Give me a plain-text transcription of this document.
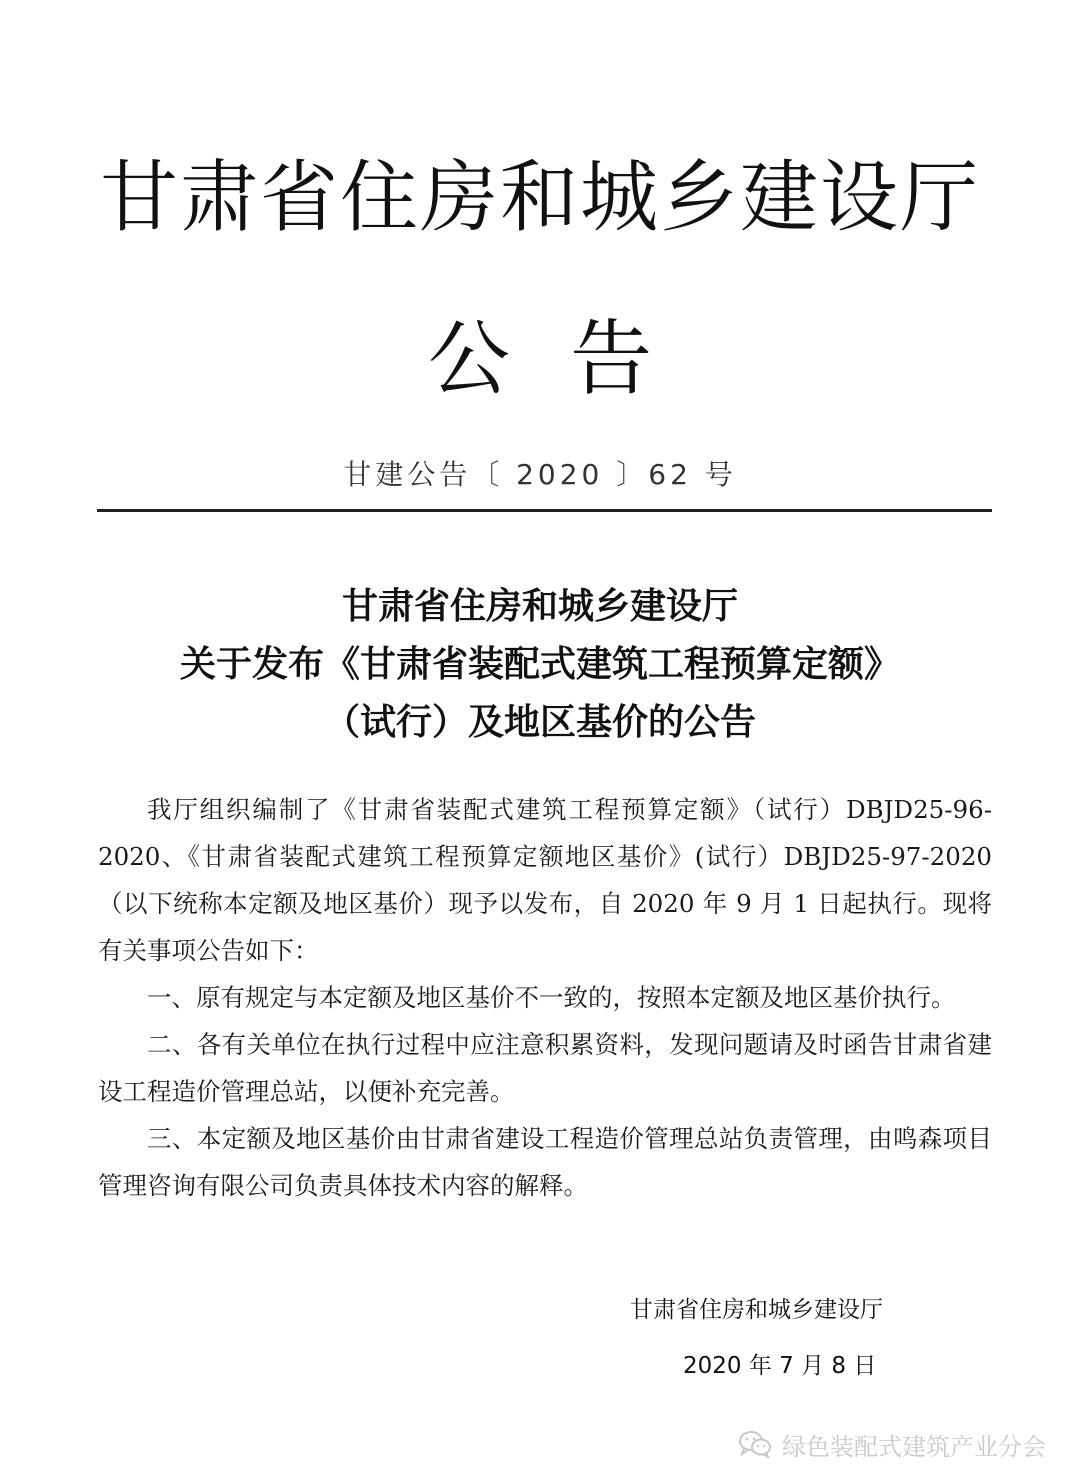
甘肃省住房和城乡建设厅
公告
甘建公告〔 2020 〕62 号
甘肃省住房和城乡建设厅
关于发布《甘肃省装配式建筑工程预算定额》
（试行）及地区基价的公告

我厅组织编制了《甘肃省装配式建筑工程预算定额》（试行）DBJD25-96-2020、《甘肃省装配式建筑工程预算定额地区基价》(试行）DBJD25-97-2020（以下统称本定额及地区基价）现予以发布，自 2020 年 9 月 1 日起执行。现将有关事项公告如下：

一、原有规定与本定额及地区基价不一致的，按照本定额及地区基价执行。

二、各有关单位在执行过程中应注意积累资料，发现问题请及时函告甘肃省建设工程造价管理总站，以便补充完善。

三、本定额及地区基价由甘肃省建设工程造价管理总站负责管理，由鸣森项目管理咨询有限公司负责具体技术内容的解释。

甘肃省住房和城乡建设厅
2020 年 7 月 8 日
绿色装配式建筑产业分会
